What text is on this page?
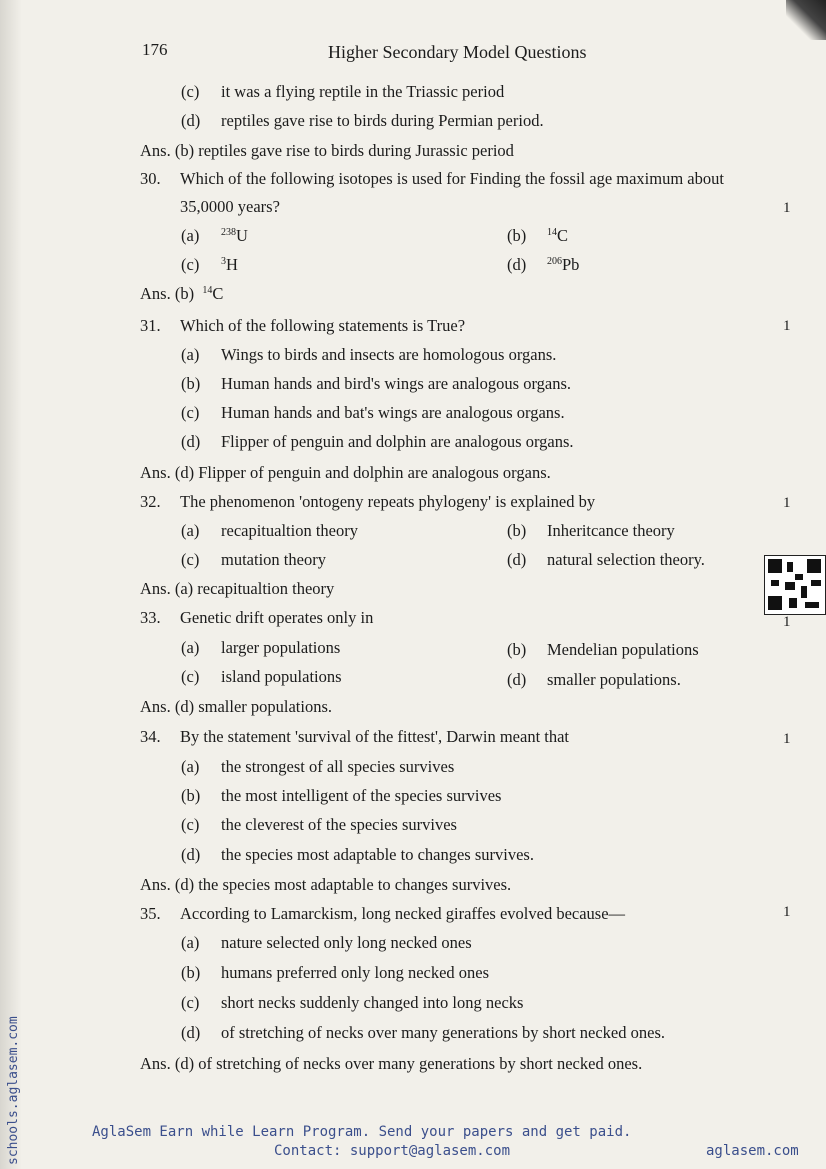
176	Higher Secondary Model Questions
(c) it was a flying reptile in the Triassic period
(d) reptiles gave rise to birds during Permian period.
Ans. (b) reptiles gave rise to birds during Jurassic period
30. Which of the following isotopes is used for Finding the fossil age maximum about
35,0000 years?	1
(a) $^{238}$U	(b) $^{14}$C
(c) $^3$H	(d) $^{206}$Pb
Ans. (b) $^{14}$C
31. Which of the following statements is True?	1
(a) Wings to birds and insects are homologous organs.
(b) Human hands and bird's wings are analogous organs.
(c) Human hands and bat's wings are analogous organs.
(d) Flipper of penguin and dolphin are analogous organs.
Ans. (d) Flipper of penguin and dolphin are analogous organs.
32. The phenomenon 'ontogeny repeats phylogeny' is explained by	1
(a) recapitualtion theory	(b) Inheritcance theory
(c) mutation theory	(d) natural selection theory.
Ans. (a) recapitualtion theory
33. Genetic drift operates only in	1
(a) larger populations	(b) Mendelian populations
(c) island populations	(d) smaller populations.
Ans. (d) smaller populations.
34. By the statement 'survival of the fittest', Darwin meant that	1
(a) the strongest of all species survives
(b) the most intelligent of the species survives
(c) the cleverest of the species survives
(d) the species most adaptable to changes survives.
Ans. (d) the species most adaptable to changes survives.
35. According to Lamarckism, long necked giraffes evolved because—	1
(a) nature selected only long necked ones
(b) humans preferred only long necked ones
(c) short necks suddenly changed into long necks
(d) of stretching of necks over many generations by short necked ones.
Ans. (d) of stretching of necks over many generations by short necked ones.
schools.aglasem.com	AglaSem Earn while Learn Program. Send your papers and get paid.
Contact: support@aglasem.com	aglasem.com
